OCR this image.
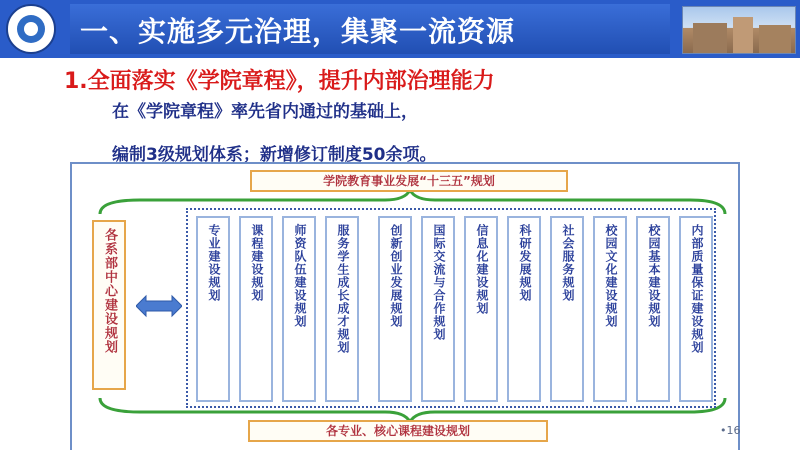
一、实施多元治理，集聚一流资源
1.全面落实《学院章程》，提升内部治理能力
在《学院章程》率先省内通过的基础上，
编制3级规划体系；新增修订制度50余项。
学院教育事业发展“十三五”规划
各专业、核心课程建设规划
各系部中心建设规划	专业建设规划 课程建设规划 师资队伍建设规划 服务学生成长成才规划	创新创业发展规划 国际交流与合作规划 信息化建设规划 科研发展规划 社会服务规划 校园文化建设规划 校园基本建设规划 内部质量保证建设规划
•16
